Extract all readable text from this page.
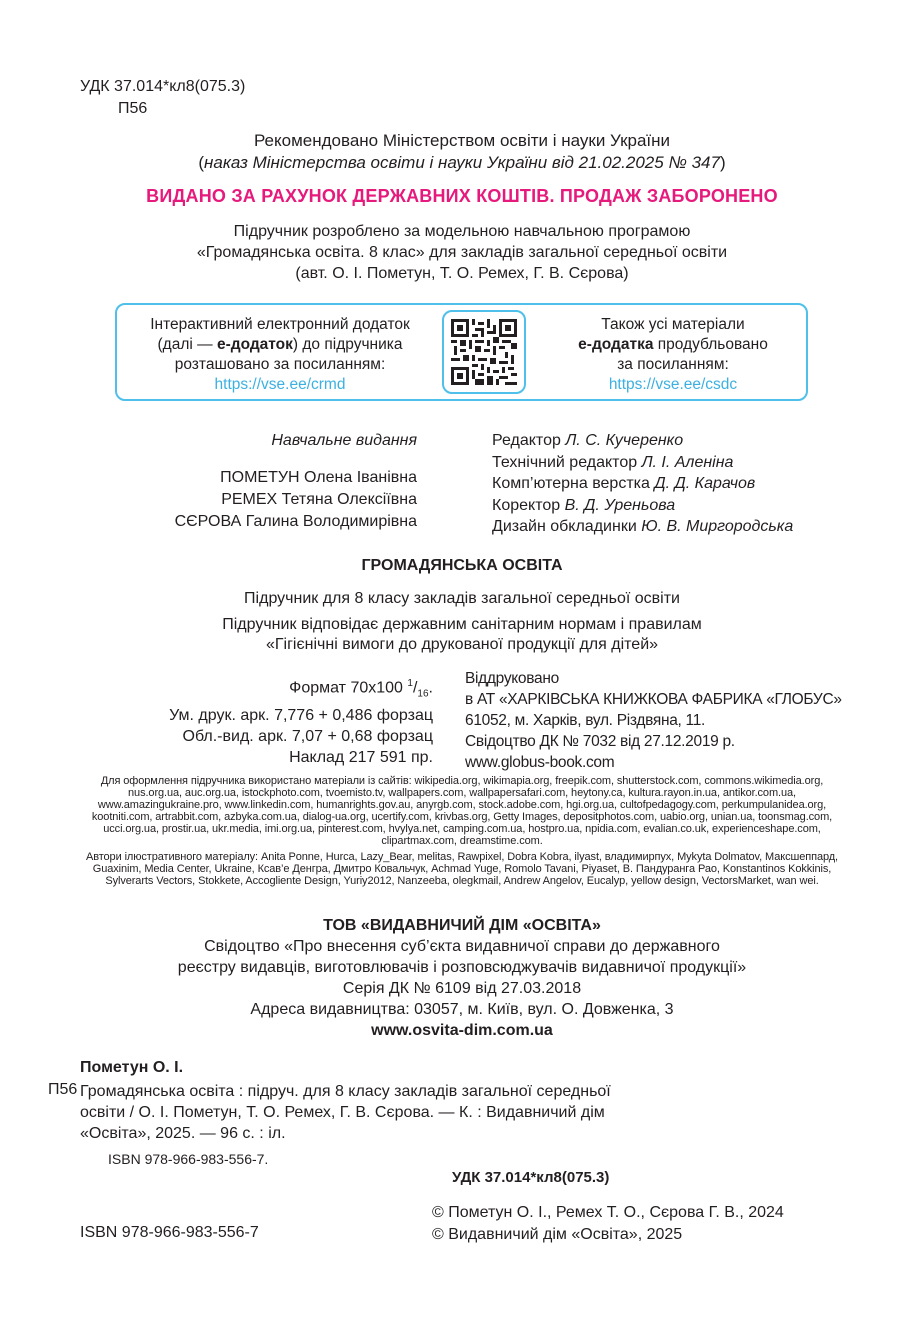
УДК 37.014*кл8(075.3)
П56
Рекомендовано Міністерством освіти і науки України
(наказ Міністерства освіти і науки України від 21.02.2025 № 347)
ВИДАНО ЗА РАХУНОК ДЕРЖАВНИХ КОШТІВ. ПРОДАЖ ЗАБОРОНЕНО
Підручник розроблено за модельною навчальною програмою
«Громадянська освіта. 8 клас» для закладів загальної середньої освіти
(авт. О. І. Пометун, Т. О. Ремех, Г. В. Сєрова)
Інтерактивний електронний додаток
(далі — е-додаток) до підручника
розташовано за посиланням:
https://vse.ee/crmd
Також усі матеріали
е-додатка продубльовано
за посиланням:
https://vse.ee/csdc
Навчальне видання
ПОМЕТУН Олена Іванівна
РЕМЕХ Тетяна Олексіївна
СЄРОВА Галина Володимирівна
Редактор Л. С. Кучеренко
Технічний редактор Л. І. Аленіна
Комп’ютерна верстка Д. Д. Карачов
Коректор В. Д. Уреньова
Дизайн обкладинки Ю. В. Миргородська
ГРОМАДЯНСЬКА ОСВІТА
Підручник для 8 класу закладів загальної середньої освіти
Підручник відповідає державним санітарним нормам і правилам
«Гігієнічні вимоги до друкованої продукції для дітей»
Формат 70x100 $^1/_{16}$.
Ум. друк. арк. 7,776 + 0,486 форзац
Обл.-вид. арк. 7,07 + 0,68 форзац
Наклад 217 591 пр.
Віддруковано
в АТ «ХАРКІВСЬКА КНИЖКОВА ФАБРИКА «ГЛОБУС»
61052, м. Харків, вул. Різдвяна, 11.
Свідоцтво ДК № 7032 від 27.12.2019 р.
www.globus-book.com
Для оформлення підручника використано матеріали із сайтів: wikipedia.org, wikimapia.org, freepik.com, shutterstock.com, commons.wikimedia.org, nus.org.ua, auc.org.ua, istockphoto.com, tvoemisto.tv, wallpapers.com, wallpapersafari.com, heytony.ca, kultura.rayon.in.ua, antikor.com.ua, www.amazingukraine.pro, www.linkedin.com, humanrights.gov.au, anyrgb.com, stock.adobe.com, hgi.org.ua, cultofpedagogy.com, perkumpulanidea.org, kootniti.com, artrabbit.com, azbyka.com.ua, dialog-ua.org, ucertify.com, krivbas.org, Getty Images, depositphotos.com, uabio.org, unian.ua, toonsmag.com, ucci.org.ua, prostir.ua, ukr.media, imi.org.ua, pinterest.com, hvylya.net, camping.com.ua, hostpro.ua, npidia.com, evalian.co.uk, experienceshape.com, clipartmax.com, dreamstime.com.
Автори ілюстративного матеріалу: Anita Ponne, Hurca, Lazy_Bear, melitas, Rawpixel, Dobra Kobra, ilyast, владимирпух, Mykyta Dolmatov, Максшеппард, Guaxinim, Media Center, Ukraine, Ксав’е Денгра, Дмитро Ковальчук, Achmad Yuge, Romolo Tavani, Piyaset, В. Пандуранга Рао, Konstantinos Kokkinis, Sylverarts Vectors, Stokkete, Accogliente Design, Yuriy2012, Nanzeeba, olegkmail, Andrew Angelov, Eucalyp, yellow design, VectorsMarket, wan wei.
ТОВ «ВИДАВНИЧИЙ ДІМ «ОСВІТА»
Свідоцтво «Про внесення суб’єкта видавничої справи до державного
реєстру видавців, виготовлювачів і розповсюджувачів видавничої продукції»
Серія ДК № 6109 від 27.03.2018
Адреса видавництва: 03057, м. Київ, вул. О. Довженка, 3
www.osvita-dim.com.ua
Пометун О. І.
П56 Громадянська освіта : підруч. для 8 класу закладів загальної середньої освіти / О. І. Пометун, Т. О. Ремех, Г. В. Сєрова. — К. : Видавничий дім «Освіта», 2025. — 96 с. : іл.
ISBN 978-966-983-556-7.
УДК 37.014*кл8(075.3)
ISBN 978-966-983-556-7
© Пометун О. І., Ремех Т. О., Сєрова Г. В., 2024
© Видавничий дім «Освіта», 2025
